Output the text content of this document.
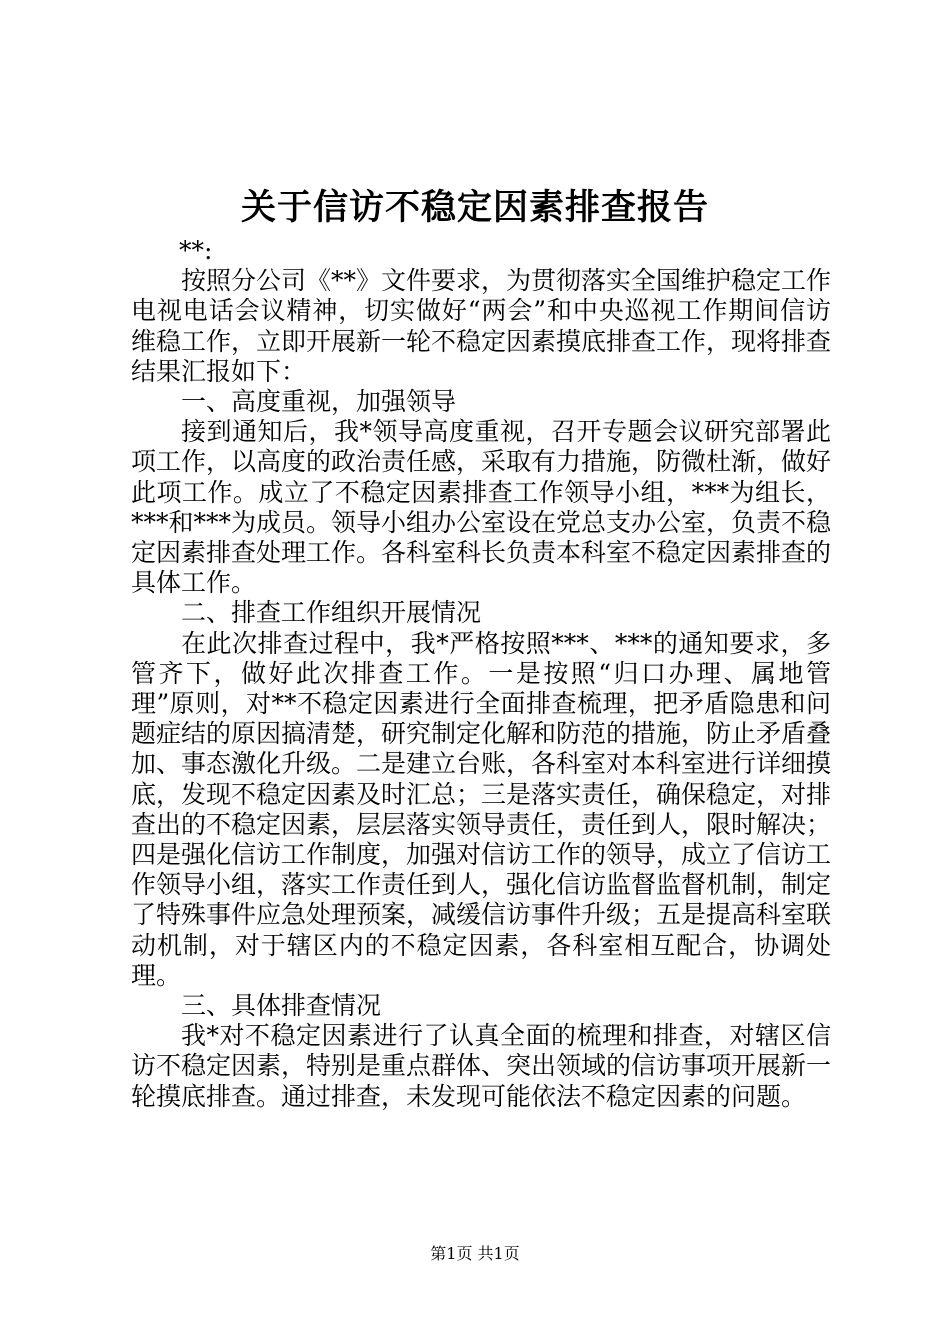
关于信访不稳定因素排查报告

**:

按照分公司《**》文件要求，为贯彻落实全国维护稳定工作电视电话会议精神，切实做好“两会”和中央巡视工作期间信访维稳工作，立即开展新一轮不稳定因素摸底排查工作，现将排查结果汇报如下：

一、高度重视，加强领导

接到通知后，我*领导高度重视，召开专题会议研究部署此项工作，以高度的政治责任感，采取有力措施，防微杜渐，做好此项工作。成立了不稳定因素排查工作领导小组，***为组长，***和***为成员。领导小组办公室设在党总支办公室，负责不稳定因素排查处理工作。各科室科长负责本科室不稳定因素排查的具体工作。

二、排查工作组织开展情况

在此次排查过程中，我*严格按照***、***的通知要求，多管齐下，做好此次排查工作。一是按照“归口办理、属地管理”原则，对**不稳定因素进行全面排查梳理，把矛盾隐患和问题症结的原因搞清楚，研究制定化解和防范的措施，防止矛盾叠加、事态激化升级。二是建立台账，各科室对本科室进行详细摸底，发现不稳定因素及时汇总；三是落实责任，确保稳定，对排查出的不稳定因素，层层落实领导责任，责任到人，限时解决；四是强化信访工作制度，加强对信访工作的领导，成立了信访工作领导小组，落实工作责任到人，强化信访监督监督机制，制定了特殊事件应急处理预案，减缓信访事件升级；五是提高科室联动机制，对于辖区内的不稳定因素，各科室相互配合，协调处理。

三、具体排查情况

我*对不稳定因素进行了认真全面的梳理和排查，对辖区信访不稳定因素，特别是重点群体、突出领域的信访事项开展新一轮摸底排查。通过排查，未发现可能依法不稳定因素的问题。

第1页 共1页
